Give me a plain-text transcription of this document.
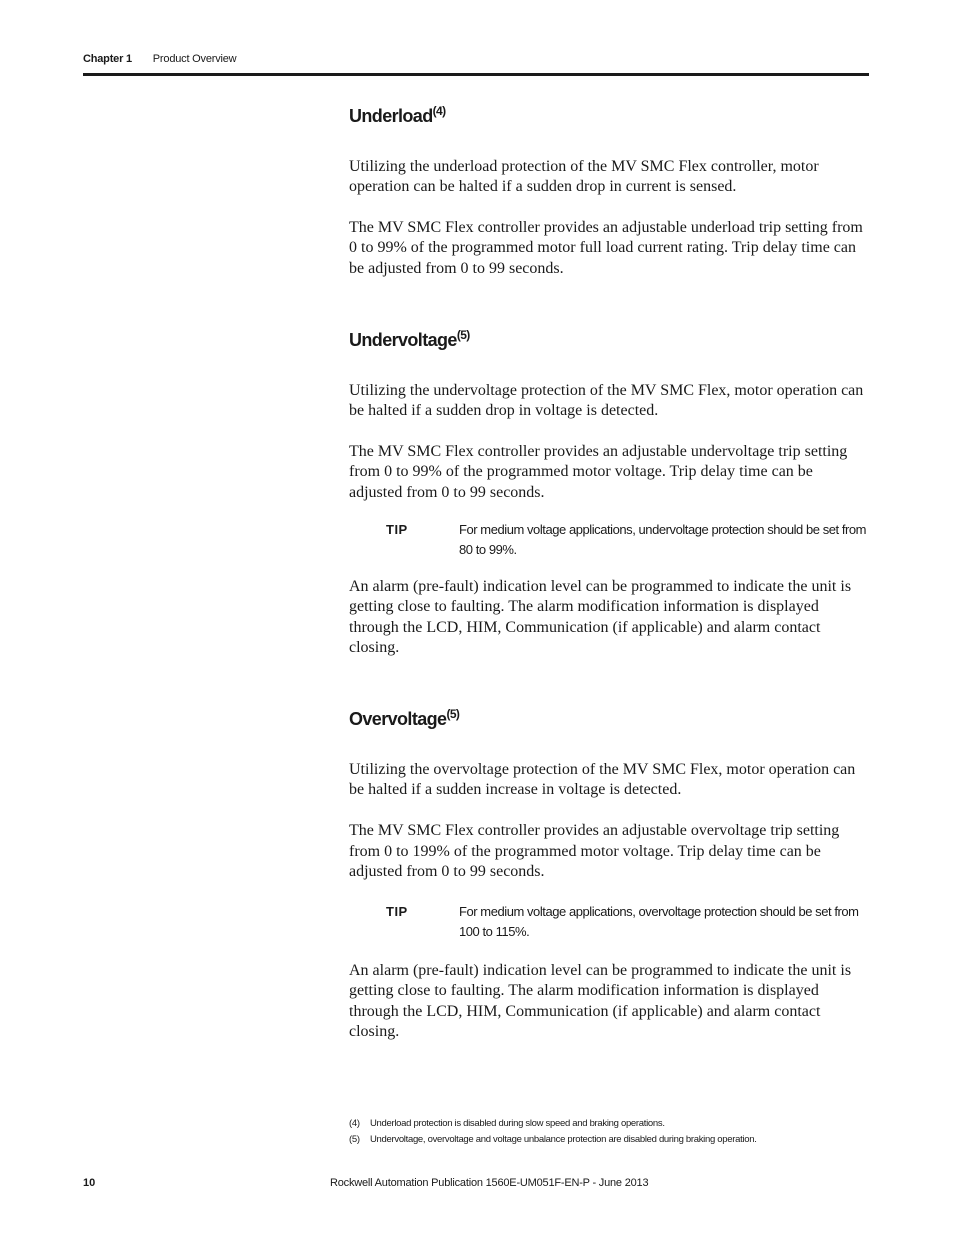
Chapter 1 Product Overview
Underload$^{(4)}$

Utilizing the underload protection of the MV SMC Flex controller, motor operation can be halted if a sudden drop in current is sensed.

The MV SMC Flex controller provides an adjustable underload trip setting from 0 to 99% of the programmed motor full load current rating. Trip delay time can be adjusted from 0 to 99 seconds.

Undervoltage$^{(5)}$

Utilizing the undervoltage protection of the MV SMC Flex, motor operation can be halted if a sudden drop in voltage is detected.

The MV SMC Flex controller provides an adjustable undervoltage trip setting from 0 to 99% of the programmed motor voltage. Trip delay time can be adjusted from 0 to 99 seconds.

TIP	For medium voltage applications, undervoltage protection should be set from 80 to 99%.

An alarm (pre-fault) indication level can be programmed to indicate the unit is getting close to faulting. The alarm modification information is displayed through the LCD, HIM, Communication (if applicable) and alarm contact closing.

Overvoltage$^{(5)}$

Utilizing the overvoltage protection of the MV SMC Flex, motor operation can be halted if a sudden increase in voltage is detected.

The MV SMC Flex controller provides an adjustable overvoltage trip setting from 0 to 199% of the programmed motor voltage. Trip delay time can be adjusted from 0 to 99 seconds.

TIP	For medium voltage applications, overvoltage protection should be set from 100 to 115%.

An alarm (pre-fault) indication level can be programmed to indicate the unit is getting close to faulting. The alarm modification information is displayed through the LCD, HIM, Communication (if applicable) and alarm contact closing.

(4)	Underload protection is disabled during slow speed and braking operations.
(5)	Undervoltage, overvoltage and voltage unbalance protection are disabled during braking operation.
10	Rockwell Automation Publication 1560E-UM051F-EN-P - June 2013
